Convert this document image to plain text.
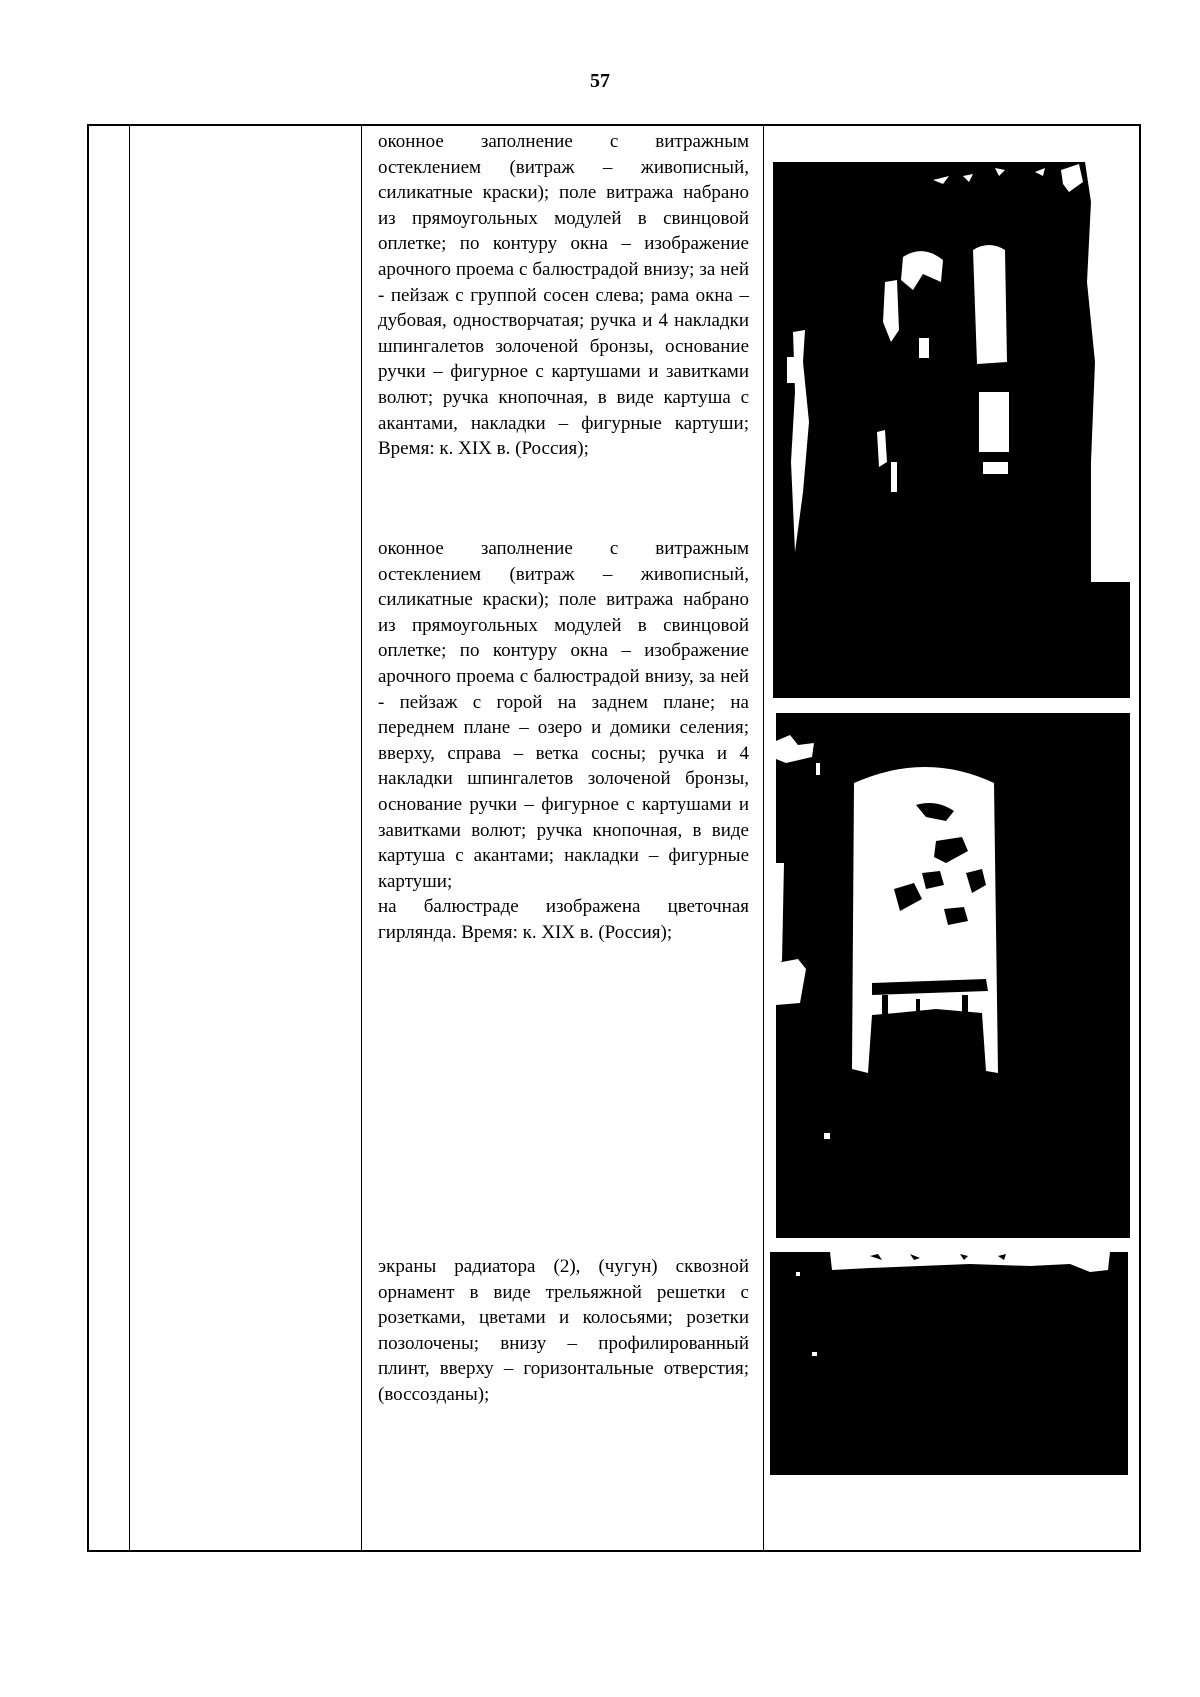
57
оконное заполнение с витражным остеклением (витраж – живописный, силикатные краски); поле витража набрано из прямоугольных модулей в свинцовой оплетке; по контуру окна – изображение арочного проема с балюстрадой внизу; за ней - пейзаж с группой сосен слева; рама окна – дубовая, одностворчатая; ручка и 4 накладки шпингалетов золоченой бронзы, основание ручки – фигурное с картушами и завитками волют; ручка кнопочная, в виде картуша с акантами, накладки – фигурные картуши; Время: к. XIX в. (Россия);
оконное заполнение с витражным остеклением (витраж – живописный, силикатные краски); поле витража набрано из прямоугольных модулей в свинцовой оплетке; по контуру окна – изображение арочного проема с балюстрадой внизу, за ней - пейзаж с горой на заднем плане; на переднем плане – озеро и домики селения; вверху, справа – ветка сосны; ручка и 4 накладки шпингалетов золоченой бронзы, основание ручки – фигурное с картушами и завитками волют; ручка кнопочная, в виде картуша с акантами; накладки – фигурные картуши;
на балюстраде изображена цветочная гирлянда. Время: к. XIX в. (Россия);
экраны радиатора (2), (чугун) сквозной орнамент в виде трельяжной решетки с розетками, цветами и колосьями; розетки позолочены; внизу – профилированный плинт, вверху – горизонтальные отверстия; (воссозданы);
